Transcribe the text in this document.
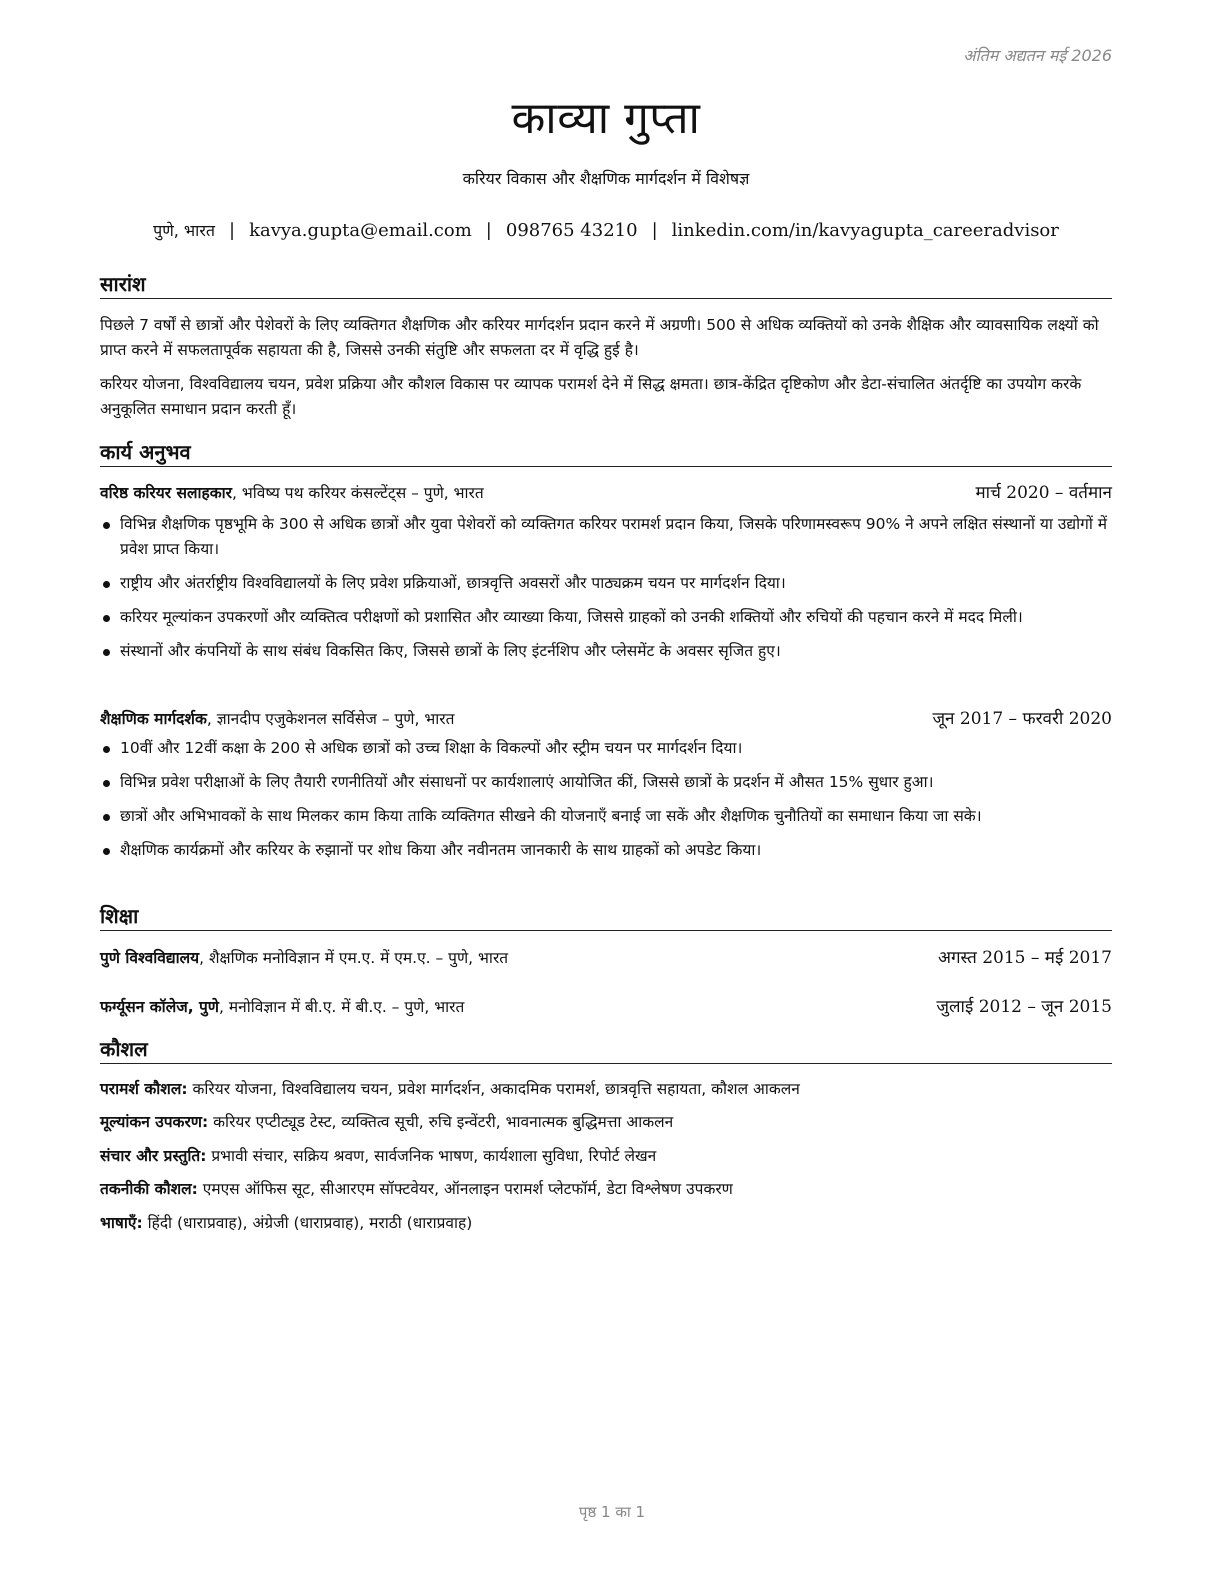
अंतिम अद्यतन मई 2026
काव्या गुप्ता
करियर विकास और शैक्षणिक मार्गदर्शन में विशेषज्ञ
पुणे, भारत | kavya.gupta@email.com | 098765 43210 | linkedin.com/in/kavyagupta_careeradvisor
सारांश
पिछले 7 वर्षों से छात्रों और पेशेवरों के लिए व्यक्तिगत शैक्षणिक और करियर मार्गदर्शन प्रदान करने में अग्रणी। 500 से अधिक व्यक्तियों को उनके शैक्षिक और व्यावसायिक लक्ष्यों को प्राप्त करने में सफलतापूर्वक सहायता की है, जिससे उनकी संतुष्टि और सफलता दर में वृद्धि हुई है।
करियर योजना, विश्वविद्यालय चयन, प्रवेश प्रक्रिया और कौशल विकास पर व्यापक परामर्श देने में सिद्ध क्षमता। छात्र-केंद्रित दृष्टिकोण और डेटा-संचालित अंतर्दृष्टि का उपयोग करके अनुकूलित समाधान प्रदान करती हूँ।
कार्य अनुभव
वरिष्ठ करियर सलाहकार, भविष्य पथ करियर कंसल्टेंट्स – पुणे, भारत	मार्च 2020 – वर्तमान
विभिन्न शैक्षणिक पृष्ठभूमि के 300 से अधिक छात्रों और युवा पेशेवरों को व्यक्तिगत करियर परामर्श प्रदान किया, जिसके परिणामस्वरूप 90% ने अपने लक्षित संस्थानों या उद्योगों में प्रवेश प्राप्त किया।
राष्ट्रीय और अंतर्राष्ट्रीय विश्वविद्यालयों के लिए प्रवेश प्रक्रियाओं, छात्रवृत्ति अवसरों और पाठ्यक्रम चयन पर मार्गदर्शन दिया।
करियर मूल्यांकन उपकरणों और व्यक्तित्व परीक्षणों को प्रशासित और व्याख्या किया, जिससे ग्राहकों को उनकी शक्तियों और रुचियों की पहचान करने में मदद मिली।
संस्थानों और कंपनियों के साथ संबंध विकसित किए, जिससे छात्रों के लिए इंटर्नशिप और प्लेसमेंट के अवसर सृजित हुए।
शैक्षणिक मार्गदर्शक, ज्ञानदीप एजुकेशनल सर्विसेज – पुणे, भारत	जून 2017 – फरवरी 2020
10वीं और 12वीं कक्षा के 200 से अधिक छात्रों को उच्च शिक्षा के विकल्पों और स्ट्रीम चयन पर मार्गदर्शन दिया।
विभिन्न प्रवेश परीक्षाओं के लिए तैयारी रणनीतियों और संसाधनों पर कार्यशालाएं आयोजित कीं, जिससे छात्रों के प्रदर्शन में औसत 15% सुधार हुआ।
छात्रों और अभिभावकों के साथ मिलकर काम किया ताकि व्यक्तिगत सीखने की योजनाएँ बनाई जा सकें और शैक्षणिक चुनौतियों का समाधान किया जा सके।
शैक्षणिक कार्यक्रमों और करियर के रुझानों पर शोध किया और नवीनतम जानकारी के साथ ग्राहकों को अपडेट किया।
शिक्षा
पुणे विश्वविद्यालय, शैक्षणिक मनोविज्ञान में एम.ए. में एम.ए. – पुणे, भारत	अगस्त 2015 – मई 2017
फर्ग्यूसन कॉलेज, पुणे, मनोविज्ञान में बी.ए. में बी.ए. – पुणे, भारत	जुलाई 2012 – जून 2015
कौशल
परामर्श कौशल: करियर योजना, विश्वविद्यालय चयन, प्रवेश मार्गदर्शन, अकादमिक परामर्श, छात्रवृत्ति सहायता, कौशल आकलन
मूल्यांकन उपकरण: करियर एप्टीट्यूड टेस्ट, व्यक्तित्व सूची, रुचि इन्वेंटरी, भावनात्मक बुद्धिमत्ता आकलन
संचार और प्रस्तुति: प्रभावी संचार, सक्रिय श्रवण, सार्वजनिक भाषण, कार्यशाला सुविधा, रिपोर्ट लेखन
तकनीकी कौशल: एमएस ऑफिस सूट, सीआरएम सॉफ्टवेयर, ऑनलाइन परामर्श प्लेटफॉर्म, डेटा विश्लेषण उपकरण
भाषाएँ: हिंदी (धाराप्रवाह), अंग्रेजी (धाराप्रवाह), मराठी (धाराप्रवाह)
पृष्ठ 1 का 1
